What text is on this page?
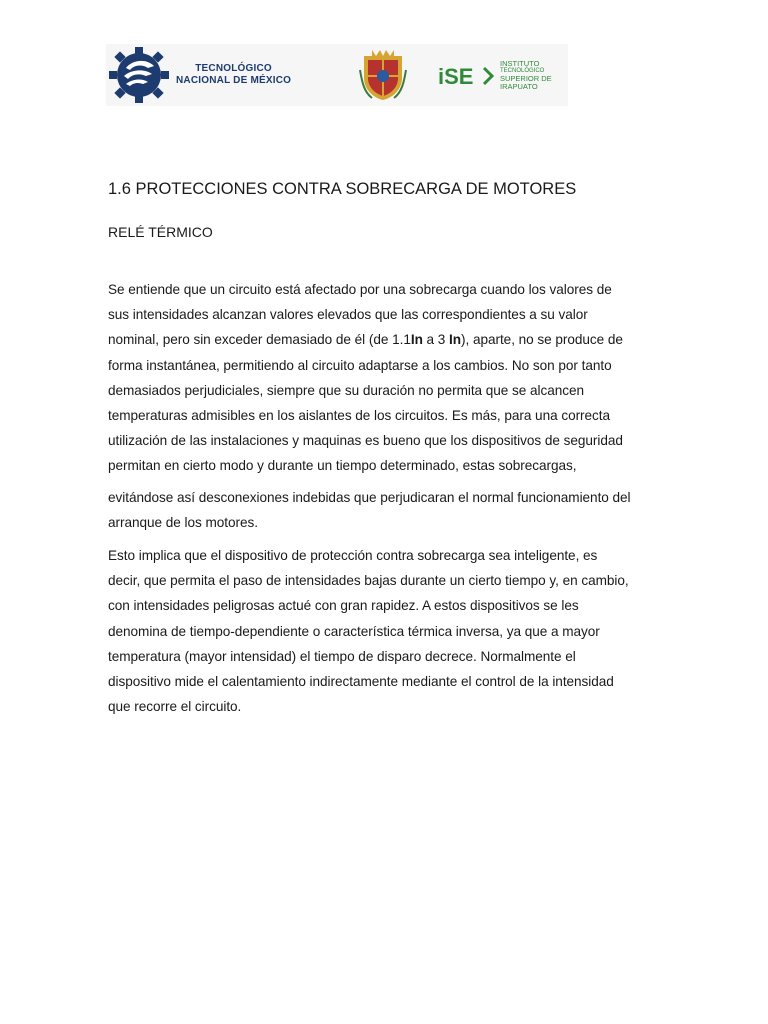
TECNOLÓGICO
NACIONAL DE MÉXICO	iSE
INSTITUTO
TECNOLÓGICO
SUPERIOR DE
IRAPUATO
1.6 PROTECCIONES CONTRA SOBRECARGA DE MOTORES
RELÉ TÉRMICO

Se entiende que un circuito está afectado por una sobrecarga cuando los valores de
sus intensidades alcanzan valores elevados que las correspondientes a su valor
nominal, pero sin exceder demasiado de él (de 1.1In a 3 In), aparte, no se produce de
forma instantánea, permitiendo al circuito adaptarse a los cambios. No son por tanto
demasiados perjudiciales, siempre que su duración no permita que se alcancen
temperaturas admisibles en los aislantes de los circuitos. Es más, para una correcta
utilización de las instalaciones y maquinas es bueno que los dispositivos de seguridad
permitan en cierto modo y durante un tiempo determinado, estas sobrecargas,

evitándose así desconexiones indebidas que perjudicaran el normal funcionamiento del
arranque de los motores.

Esto implica que el dispositivo de protección contra sobrecarga sea inteligente, es
decir, que permita el paso de intensidades bajas durante un cierto tiempo y, en cambio,
con intensidades peligrosas actué con gran rapidez. A estos dispositivos se les
denomina de tiempo-dependiente o característica térmica inversa, ya que a mayor
temperatura (mayor intensidad) el tiempo de disparo decrece. Normalmente el
dispositivo mide el calentamiento indirectamente mediante el control de la intensidad
que recorre el circuito.
